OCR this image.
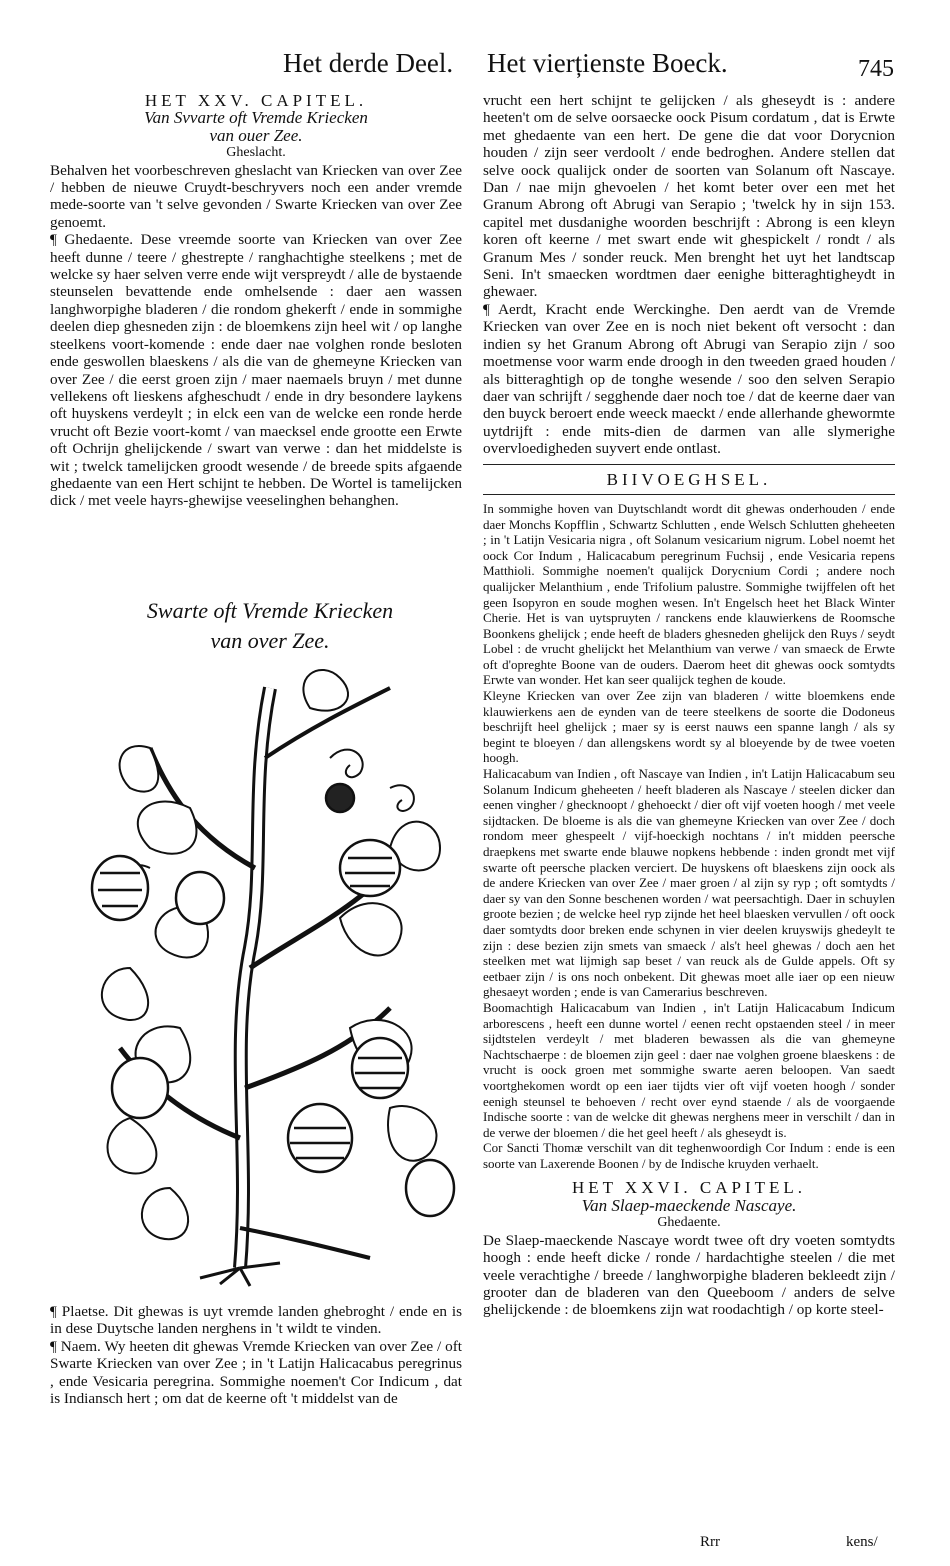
Het derde Deel. Het vierțienste Boeck.	745

HET XXV. CAPITEL.

Van Svvarte oft Vremde Kriecken

van ouer Zee.

Gheslacht.

Behalven het voorbeschreven gheslacht van Kriecken van over Zee / hebben de nieuwe Cruydt-beschryvers noch een ander vremde mede-soorte van 't selve gevonden / Swarte Kriecken van over Zee genoemt.

¶ Ghedaente. Dese vreemde soorte van Kriecken van over Zee heeft dunne / teere / ghestrepte / ranghachtighe steelkens ; met de welcke sy haer selven verre ende wijt verspreydt / alle de bystaende steunselen bevattende ende omhelsende : daer aen wassen langhworpighe bladeren / die rondom ghekerft / ende in sommighe deelen diep ghesneden zijn : de bloemkens zijn heel wit / op langhe steelkens voort-komende : ende daer nae volghen ronde besloten ende geswollen blaeskens / als die van de ghemeyne Kriecken van over Zee / die eerst groen zijn / maer naemaels bruyn / met dunne vellekens oft lieskens afgheschudt / ende in dry besondere laykens oft huyskens verdeylt ; in elck een van de welcke een ronde herde vrucht oft Bezie voort-komt / van maecksel ende grootte een Erwte oft Ochrijn ghelijckende / swart van verwe : dan het middelste is wit ; twelck tamelijcken groodt wesende / de breede spits afgaende ghedaente van een Hert schijnt te hebben. De Wortel is tamelijcken dick / met veele hayrs-ghewijse veeselinghen behanghen.

Swarte oft Vremde Kriecken
van over Zee.

¶ Plaetse. Dit ghewas is uyt vremde landen ghebroght / ende en is in dese Duytsche landen nerghens in 't wildt te vinden.

¶ Naem. Wy heeten dit ghewas Vremde Kriecken van over Zee / oft Swarte Kriecken van over Zee ; in 't Latijn Halicacabus peregrinus , ende Vesicaria peregrina. Sommighe noemen't Cor Indicum , dat is Indiansch hert ; om dat de keerne oft 't middelst van de

vrucht een hert schijnt te gelijcken / als gheseydt is : andere heeten't om de selve oorsaecke oock Pisum cordatum , dat is Erwte met ghedaente van een hert. De gene die dat voor Dorycnion houden / zijn seer verdoolt / ende bedroghen. Andere stellen dat selve oock qualijck onder de soorten van Solanum oft Nascaye. Dan / nae mijn ghevoelen / het komt beter over een met het Granum Abrong oft Abrugi van Serapio ; 'twelck hy in sijn 153. capitel met dusdanighe woorden beschrijft : Abrong is een kleyn koren oft keerne / met swart ende wit ghespickelt / rondt / als Granum Mes / sonder reuck. Men brenght het uyt het landtscap Seni. In't smaecken wordtmen daer eenighe bitteraghtigheydt in ghewaer.

¶ Aerdt, Kracht ende Werckinghe. Den aerdt van de Vremde Kriecken van over Zee en is noch niet bekent oft versocht : dan indien sy het Granum Abrong oft Abrugi van Serapio zijn / soo moetmense voor warm ende droogh in den tweeden graed houden / als bitteraghtigh op de tonghe wesende / soo den selven Serapio daer van schrijft / segghende daer noch toe / dat de keerne daer van den buyck beroert ende weeck maeckt / ende allerhande ghewormte uytdrijft : ende mits-dien de darmen van alle slymerighe overvloedigheden suyvert ende ontlast.

BIIVOEGHSEL.

In sommighe hoven van Duytschlandt wordt dit ghewas onderhouden / ende daer Monchs Kopfflin , Schwartz Schlutten , ende Welsch Schlutten gheheeten ; in 't Latijn Vesicaria nigra , oft Solanum vesicarium nigrum. Lobel noemt het oock Cor Indum , Halicacabum peregrinum Fuchsij , ende Vesicaria repens Matthioli. Sommighe noemen't qualijck Dorycnium Cordi ; andere noch qualijcker Melanthium , ende Trifolium palustre. Sommighe twijffelen oft het geen Isopyron en soude moghen wesen. In't Engelsch heet het Black Winter Cherie. Het is van uytspruyten / ranckens ende klauwierkens de Roomsche Boonkens ghelijck ; ende heeft de bladers ghesneden ghelijck den Ruys / seydt Lobel : de vrucht ghelijckt het Melanthium van verwe / van smaeck de Erwte oft d'opreghte Boone van de ouders. Daerom heet dit ghewas oock somtydts Erwte van wonder. Het kan seer qualijck teghen de koude.

Kleyne Kriecken van over Zee zijn van bladeren / witte bloemkens ende klauwierkens aen de eynden van de teere steelkens de soorte die Dodoneus beschrijft heel ghelijck ; maer sy is eerst nauws een spanne langh / als sy begint te bloeyen / dan allengskens wordt sy al bloeyende by de twee voeten hoogh.

Halicacabum van Indien , oft Nascaye van Indien , in't Latijn Halicacabum seu Solanum Indicum gheheeten / heeft bladeren als Nascaye / steelen dicker dan eenen vingher / ghecknoopt / ghehoeckt / dier oft vijf voeten hoogh / met veele sijdtacken. De bloeme is als die van ghemeyne Kriecken van over Zee / doch rondom meer ghespeelt / vijf-hoeckigh nochtans / in't midden peersche draepkens met swarte ende blauwe nopkens hebbende : inden grondt met vijf swarte oft peersche placken verciert. De huyskens oft blaeskens zijn oock als de andere Kriecken van over Zee / maer groen / al zijn sy ryp ; oft somtydts / daer sy van den Sonne beschenen worden / wat peersachtigh. Daer in schuylen groote bezien ; de welcke heel ryp zijnde het heel blaesken vervullen / oft oock daer somtydts door breken ende schynen in vier deelen kruyswijs ghedeylt te zijn : dese bezien zijn smets van smaeck / als't heel ghewas / doch aen het steelken met wat lijmigh sap beset / van reuck als de Gulde appels. Oft sy eetbaer zijn / is ons noch onbekent. Dit ghewas moet alle iaer op een nieuw ghesaeyt worden ; ende is van Camerarius beschreven.

Boomachtigh Halicacabum van Indien , in't Latijn Halicacabum Indicum arborescens , heeft een dunne wortel / eenen recht opstaenden steel / in meer sijdtstelen verdeylt / met bladeren bewassen als die van ghemeyne Nachtschaerpe : de bloemen zijn geel : daer nae volghen groene blaeskens : de vrucht is oock groen met sommighe swarte aeren beloopen. Van saedt voortghekomen wordt op een iaer tijdts vier oft vijf voeten hoogh / sonder eenigh steunsel te behoeven / recht over eynd staende / als de voorgaende Indische soorte : van de welcke dit ghewas nerghens meer in verschilt / dan in de verwe der bloemen / die het geel heeft / als gheseydt is.

Cor Sancti Thomæ verschilt van dit teghenwoordigh Cor Indum : ende is een soorte van Laxerende Boonen / by de Indische kruyden verhaelt.

HET XXVI. CAPITEL.

Van Slaep-maeckende Nascaye.

Ghedaente.

De Slaep-maeckende Nascaye wordt twee oft dry voeten somtydts hoogh : ende heeft dicke / ronde / hardachtighe steelen / die met veele verachtighe / breede / langhworpighe bladeren bekleedt zijn / grooter dan de bladeren van den Queeboom / anders de selve ghelijckende : de bloemkens zijn wat roodachtigh / op korte steel-

Rrr	kens/
